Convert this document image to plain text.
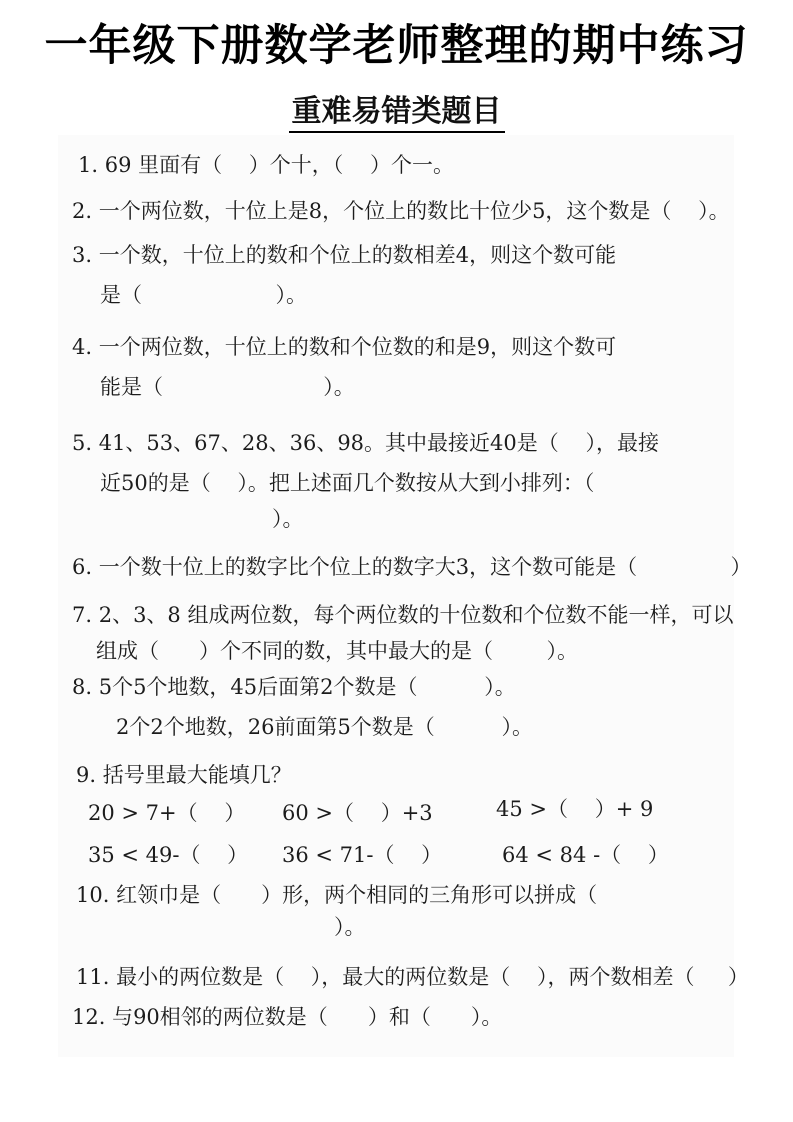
一年级下册数学老师整理的期中练习
重难易错类题目
1. 69 里面有（    ）个十，（    ）个一。
2. 一个两位数，十位上是8，个位上的数比十位少5，这个数是（    ）。
3. 一个数，十位上的数和个位上的数相差4，则这个数可能
是（                    ）。
4. 一个两位数，十位上的数和个位数的和是9，则这个数可
能是（                        ）。
5. 41、53、67、28、36、98。其中最接近40是（    ），最接
近50的是（    ）。把上述面几个数按从大到小排列：（
）。
6. 一个数十位上的数字比个位上的数字大3，这个数可能是（              ）
7. 2、3、8 组成两位数，每个两位数的十位数和个位数不能一样，可以
组成（      ）个不同的数，其中最大的是（        ）。
8. 5个5个地数，45后面第2个数是（          ）。
2个2个地数，26前面第5个数是（          ）。
9. 括号里最大能填几？
20 > 7+（    ） 60 >（    ）+3	45 >（    ）+ 9
35 < 49-（    ） 36 < 71-（    ）	64 < 84 -（    ）
10. 红领巾是（      ）形，两个相同的三角形可以拼成（
）。
11. 最小的两位数是（    ），最大的两位数是（    ），两个数相差（     ）
12. 与90相邻的两位数是（      ）和（      ）。
